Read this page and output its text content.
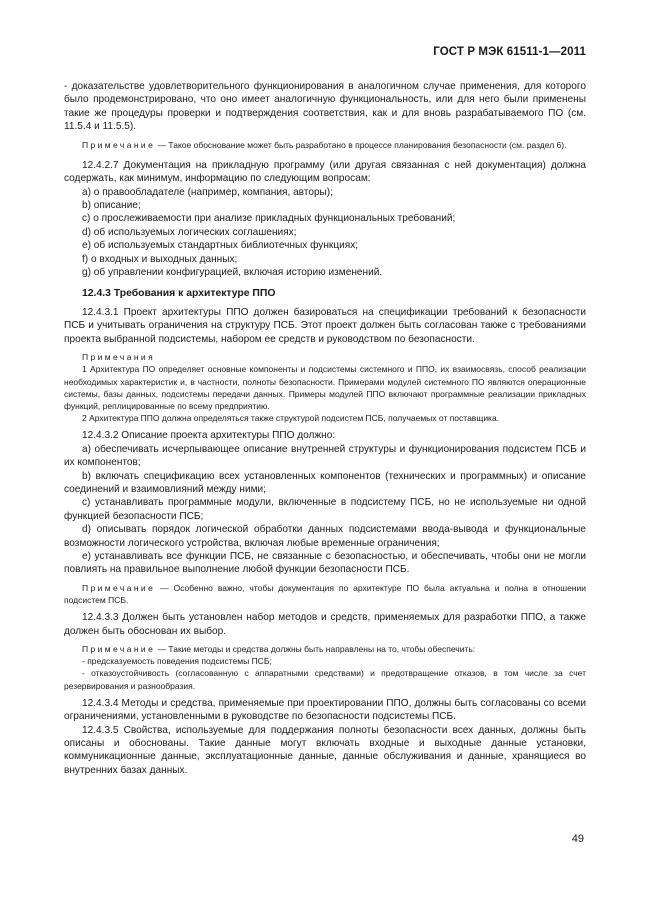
ГОСТ Р МЭК 61511-1—2011

- доказательстве удовлетворительного функционирования в аналогичном случае применения, для которого было продемонстрировано, что оно имеет аналогичную функциональность, или для него были применены такие же процедуры проверки и подтверждения соответствия, как и для вновь разрабатываемого ПО (см. 11.5.4 и 11.5.5).

Примечание — Такое обоснование может быть разработано в процессе планирования безопасности (см. раздел 6).

12.4.2.7 Документация на прикладную программу (или другая связанная с ней документация) должна содержать, как минимум, информацию по следующим вопросам:

a) о правообладателе (например, компания, авторы);

b) описание;

c) о прослеживаемости при анализе прикладных функциональных требований;

d) об используемых логических соглашениях;

e) об используемых стандартных библиотечных функциях;

f) о входных и выходных данных;

g) об управлении конфигурацией, включая историю изменений.

12.4.3 Требования к архитектуре ППО

12.4.3.1 Проект архитектуры ППО должен базироваться на спецификации требований к безопасности ПСБ и учитывать ограничения на структуру ПСБ. Этот проект должен быть согласован также с требованиями проекта выбранной подсистемы, набором ее средств и руководством по безопасности.

Примечания

1 Архитектура ПО определяет основные компоненты и подсистемы системного и ППО, их взаимосвязь, способ реализации необходимых характеристик и, в частности, полноты безопасности. Примерами модулей системного ПО являются операционные системы, базы данных, подсистемы передачи данных. Примеры модулей ППО включают программные реализации прикладных функций, реплицированные по всему предприятию.

2 Архитектура ППО должна определяться также структурой подсистем ПСБ, получаемых от поставщика.

12.4.3.2 Описание проекта архитектуры ППО должно:

a) обеспечивать исчерпывающее описание внутренней структуры и функционирования подсистем ПСБ и их компонентов;

b) включать спецификацию всех установленных компонентов (технических и программных) и описание соединений и взаимовлияний между ними;

c) устанавливать программные модули, включенные в подсистему ПСБ, но не используемые ни одной функцией безопасности ПСБ;

d) описывать порядок логической обработки данных подсистемами ввода-вывода и функциональные возможности логического устройства, включая любые временные ограничения;

e) устанавливать все функции ПСБ, не связанные с безопасностью, и обеспечивать, чтобы они не могли повлиять на правильное выполнение любой функции безопасности ПСБ.

Примечание — Особенно важно, чтобы документация по архитектуре ПО была актуальна и полна в отношении подсистем ПСБ.

12.4.3.3 Должен быть установлен набор методов и средств, применяемых для разработки ППО, а также должен быть обоснован их выбор.

Примечание — Такие методы и средства должны быть направлены на то, чтобы обеспечить:

- предсказуемость поведения подсистемы ПСБ;

- отказоустойчивость (согласованную с аппаратными средствами) и предотвращение отказов, в том числе за счет резервирования и разнообразия.

12.4.3.4 Методы и средства, применяемые при проектировании ППО, должны быть согласованы со всеми ограничениями, установленными в руководстве по безопасности подсистемы ПСБ.

12.4.3.5 Свойства, используемые для поддержания полноты безопасности всех данных, должны быть описаны и обоснованы. Такие данные могут включать входные и выходные данные установки, коммуникационные данные, эксплуатационные данные, данные обслуживания и данные, хранящиеся во внутренних базах данных.

49
